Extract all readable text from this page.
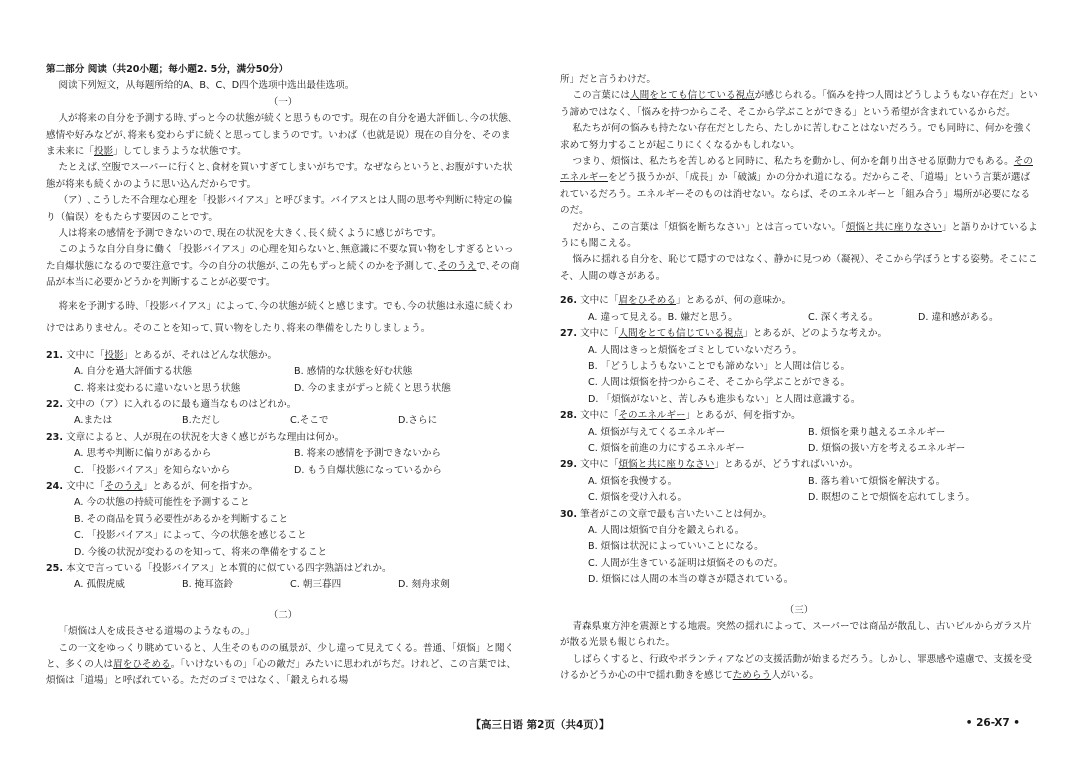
第二部分 阅读（共20小题；每小题2. 5分，满分50分）

阅读下列短文，从每题所给的A、B、C、D四个选项中选出最佳选项。

（一）

人が将来の自分を予測する時､ずっと今の状態が続くと思うものです。現在の自分を過大評価し､今の状態､感情や好みなどが､将来も変わらずに続くと思ってしまうのです。いわば（也就是说）現在の自分を、そのまま未来に「投影」してしまうような状態です。

たとえば､空腹でスーパーに行くと､食材を買いすぎてしまいがちです。なぜならというと､お腹がすいた状態が将来も続くかのように思い込んだからです。

（ア）､こうした不合理な心理を「投影バイアス」と呼びます。バイアスとは人間の思考や判断に特定の偏り（偏误）をもたらす要因のことです。

人は将来の感情を予測できないので､現在の状況を大きく､長く続くように感じがちです。

このような自分自身に働く「投影バイアス」の心理を知らないと､無意識に不要な買い物をしすぎるといった自爆状態になるので要注意です。今の自分の状態が､この先もずっと続くのかを予測して､そのうえで､その商品が本当に必要かどうかを判断することが必要です。

将来を予測する時､「投影バイアス」によって､今の状態が続くと感じます。でも､今の状態は永遠に続くわけではありません。そのことを知って､買い物をしたり､将来の準備をしたりしましょう。

21. 文中に「投影」とあるが、それはどんな状態か。

A. 自分を過大評価する状態	B. 感情的な状態を好む状態
C. 将来は変わるに違いないと思う状態	D. 今のままがずっと続くと思う状態

22. 文中の（ア）に入れるのに最も適当なものはどれか。

A.または	B.ただし	C.そこで	D.さらに

23. 文章によると、人が現在の状況を大きく感じがちな理由は何か。

A. 思考や判断に偏りがあるから	B. 将来の感情を予測できないから
C. 「投影バイアス」を知らないから	D. もう自爆状態になっているから

24. 文中に「そのうえ」とあるが、何を指すか。

A. 今の状態の持続可能性を予測すること

B. その商品を買う必要性があるかを判断すること

C. 「投影バイアス」によって、今の状態を感じること

D. 今後の状況が変わるのを知って、将来の準備をすること

25. 本文で言っている「投影バイアス」と本質的に似ている四字熟語はどれか。

A. 孤假虎威	B. 掩耳盗鈴	C. 朝三暮四	D. 刻舟求剣

（二）

「煩悩は人を成長させる道場のようなもの。」

この一文をゆっくり眺めていると、人生そのものの風景が、少し違って見えてくる。普通、「煩悩」と聞くと、多くの人は眉をひそめる。「いけないもの」「心の敵だ」みたいに思われがちだ。けれど、この言葉では、煩悩は「道場」と呼ばれている。ただのゴミではなく､「鍛えられる場

所」だと言うわけだ。

この言葉には人間をとても信じている視点が感じられる。「悩みを持つ人間はどうしようもない存在だ」という諦めではなく､「悩みを持つからこそ、そこから学ぶことができる」という希望が含まれているからだ。

私たちが何の悩みも持たない存在だとしたら、たしかに苦しむことはないだろう。でも同時に、何かを強く求めて努力することが起こりにくくなるかもしれない。

つまり、煩悩は、私たちを苦しめると同時に、私たちを動かし、何かを創り出させる原動力でもある。そのエネルギーをどう扱うかが､「成長」か「破滅」かの分かれ道になる。だからこそ､「道場」という言葉が選ばれているだろう。エネルギーそのものは消せない。ならば、そのエネルギーと「組み合う」場所が必要になるのだ。

だから、この言葉は「煩悩を断ちなさい」とは言っていない。「煩悩と共に座りなさい」と語りかけているようにも聞こえる。

悩みに揺れる自分を、恥じて隠すのではなく、静かに見つめ（凝视）、そこから学ぼうとする姿勢。そこにこそ、人間の尊さがある。

26. 文中に「眉をひそめる」とあるが、何の意味か。

A. 違って見える。B. 嫌だと思う。	C. 深く考える。	D. 違和感がある。

27. 文中に「人間をとても信じている視点」とあるが、どのような考えか。

A. 人間はきっと煩悩をゴミとしていないだろう。

B. 「どうしようもないことでも諦めない」と人間は信じる。

C. 人間は煩悩を持つからこそ、そこから学ぶことができる。

D. 「煩悩がないと、苦しみも進歩もない」と人間は意識する。

28. 文中に「そのエネルギー」とあるが、何を指すか。

A. 煩悩が与えてくるエネルギー	B. 煩悩を乗り越えるエネルギー
C. 煩悩を前進の力にするエネルギー	D. 煩悩の扱い方を考えるエネルギー

29. 文中に「煩悩と共に座りなさい」とあるが、どうすればいいか。

A. 煩悩を我慢する。	B. 落ち着いて煩悩を解決する。
C. 煩悩を受け入れる。	D. 瞑想のことで煩悩を忘れてしまう。

30. 筆者がこの文章で最も言いたいことは何か。

A. 人間は煩悩で自分を鍛えられる。

B. 煩悩は状況によっていいことになる。

C. 人間が生きている証明は煩悩そのものだ。

D. 煩悩には人間の本当の尊さが隠されている。

（三）

青森県東方沖を震源とする地震。突然の揺れによって、スーパーでは商品が散乱し、古いビルからガラス片が散る光景も報じられた。

しばらくすると、行政やボランティアなどの支援活動が始まるだろう。しかし、罪悪感や遠慮で、支援を受けるかどうか心の中で揺れ動きを感じてためらう人がいる。

【高三日语 第2页（共4页）】	• 26-X7 •
